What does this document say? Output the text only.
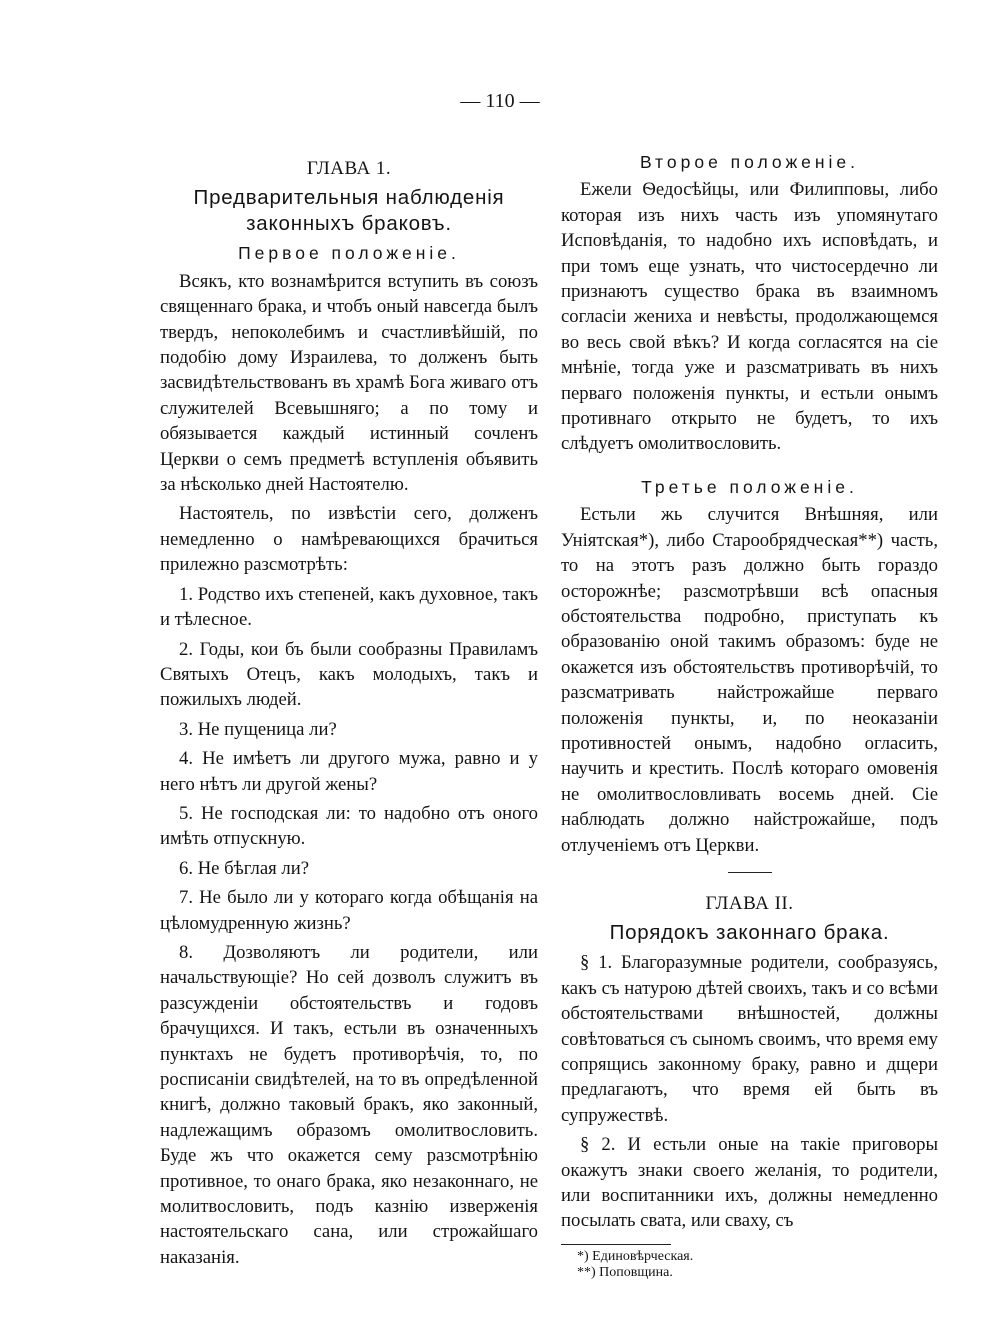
— 110 —
ГЛАВА 1.
Предварительныя наблюденія законныхъ браковъ.
Первое положеніе.

Всякъ, кто вознамѣрится вступить въ союзъ священнаго брака, и чтобъ оный навсегда былъ твердъ, непоколебимъ и счастливѣйшій, по подобію дому Израилева, то долженъ быть засвидѣтельствованъ въ храмѣ Бога живаго отъ служителей Всевышняго; а по тому и обязывается каждый истинный сочленъ Церкви о семъ предметѣ вступленія объявить за нѣсколько дней Настоятелю.

Настоятель, по извѣстіи сего, долженъ немедленно о намѣревающихся брачиться прилежно разсмотрѣть:

1. Родство ихъ степеней, какъ духовное, такъ и тѣлесное.

2. Годы, кои бъ были сообразны Правиламъ Святыхъ Отецъ, какъ молодыхъ, такъ и пожилыхъ людей.

3. Не пущеница ли?

4. Не имѣетъ ли другого мужа, равно и у него нѣтъ ли другой жены?

5. Не господская ли: то надобно отъ оного имѣть отпускную.

6. Не бѣглая ли?

7. Не было ли у котораго когда обѣщанія на цѣломудренную жизнь?

8. Дозволяютъ ли родители, или начальствующіе? Но сей дозволъ служитъ въ разсужденіи обстоятельствъ и годовъ брачущихся. И такъ, естьли въ означенныхъ пунктахъ не будетъ противорѣчія, то, по росписаніи свидѣтелей, на то въ опредѣленной книгѣ, должно таковый бракъ, яко законный, надлежащимъ образомъ омолитвословить. Буде жъ что окажется сему разсмотрѣнію противное, то онаго брака, яко незаконнаго, не молитвословить, подъ казнію изверженія настоятельскаго сана, или строжайшаго наказанія.

Второе положеніе.

Ежели Ѳедосѣйцы, или Филипповы, либо которая изъ нихъ часть изъ упомянутаго Исповѣданія, то надобно ихъ исповѣдать, и при томъ еще узнать, что чистосердечно ли признаютъ существо брака въ взаимномъ согласіи жениха и невѣсты, продолжающемся во весь свой вѣкъ? И когда согласятся на сіе мнѣніе, тогда уже и разсматривать въ нихъ перваго положенія пункты, и естьли онымъ противнаго открыто не будетъ, то ихъ слѣдуетъ омолитвословить.

Третье положеніе.

Естьли жь случится Внѣшняя, или Уніятская*), либо Старообрядческая**) часть, то на этотъ разъ должно быть гораздо осторожнѣе; разсмотрѣвши всѣ опасныя обстоятельства подробно, приступать къ образованію оной такимъ образомъ: буде не окажется изъ обстоятельствъ противорѣчій, то разсматривать найстрожайше перваго положенія пункты, и, по неоказаніи противностей онымъ, надобно огласить, научить и крестить. Послѣ котораго омовенія не омолитвословливать восемь дней. Сіе наблюдать должно найстрожайше, подъ отлученіемъ отъ Церкви.

ГЛАВА II.
Порядокъ законнаго брака.

§ 1. Благоразумные родители, сообразуясь, какъ съ натурою дѣтей своихъ, такъ и со всѣми обстоятельствами внѣшностей, должны совѣтоваться съ сыномъ своимъ, что время ему сопрящись законному браку, равно и дщери предлагаютъ, что время ей быть въ супружествѣ.

§ 2. И естьли оные на такіе приговоры окажутъ знаки своего желанія, то родители, или воспитанники ихъ, должны немедленно посылать свата, или сваху, съ

*) Единовѣрческая.
**) Поповщина.
